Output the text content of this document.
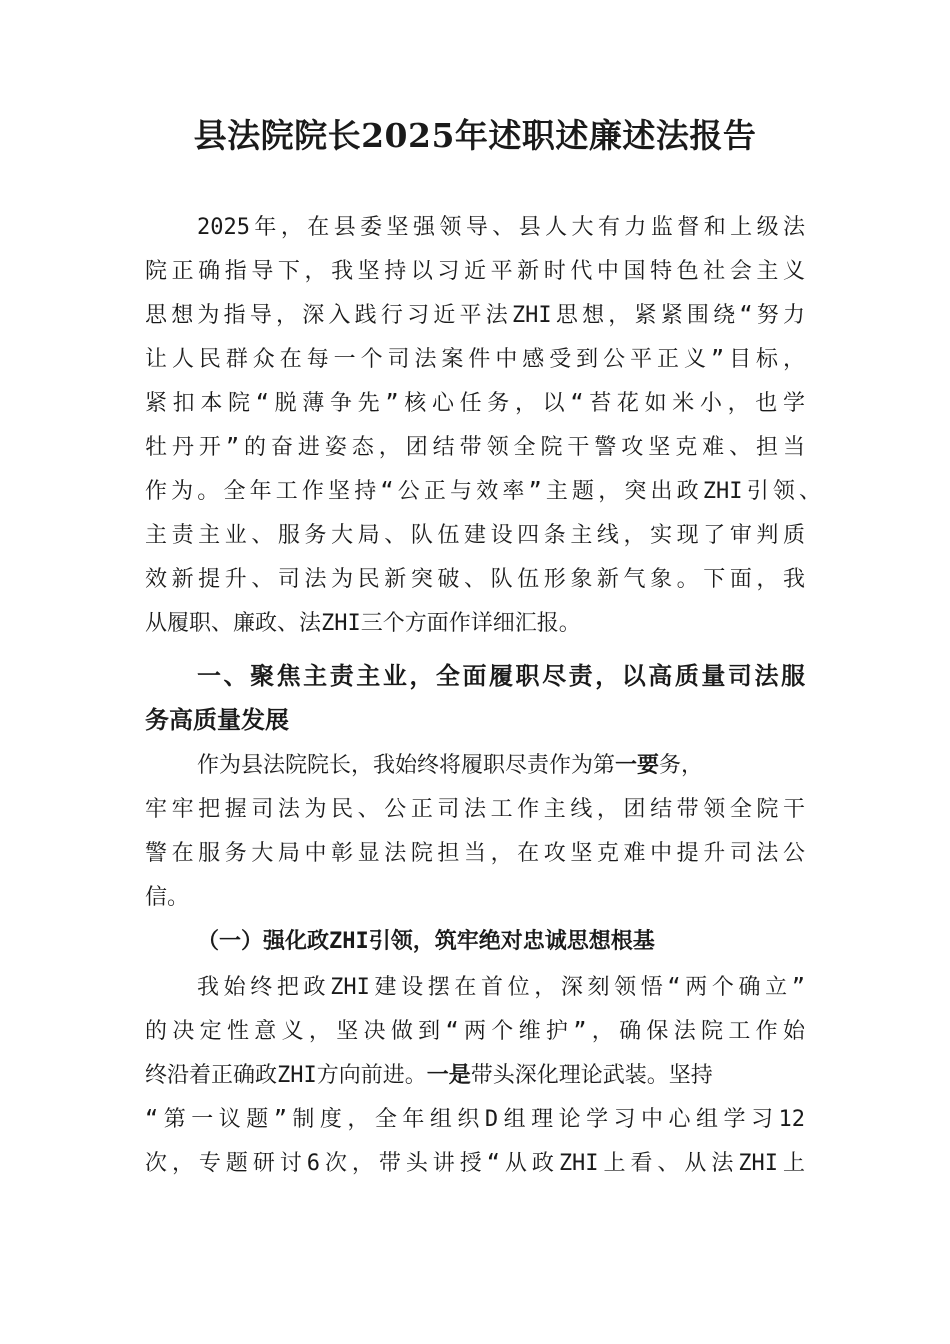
县法院院长2025年述职述廉述法报告

2025年，在县委坚强领导、县人大有力监督和上级法

院正确指导下，我坚持以习近平新时代中国特色社会主义

思想为指导，深入践行习近平法ZHI思想，紧紧围绕“努力

让人民群众在每一个司法案件中感受到公平正义”目标，

紧扣本院“脱薄争先”核心任务，以“苔花如米小，也学

牡丹开”的奋进姿态，团结带领全院干警攻坚克难、担当

作为。全年工作坚持“公正与效率”主题，突出政ZHI引领、

主责主业、服务大局、队伍建设四条主线，实现了审判质

效新提升、司法为民新突破、队伍形象新气象。下面，我

从履职、廉政、法ZHI三个方面作详细汇报。

一、聚焦主责主业，全面履职尽责，以高质量司法服

务高质量发展

作为县法院院长，我始终将履职尽责作为第一要务，

牢牢把握司法为民、公正司法工作主线，团结带领全院干

警在服务大局中彰显法院担当，在攻坚克难中提升司法公

信。

（一）强化政ZHI引领，筑牢绝对忠诚思想根基

我始终把政ZHI建设摆在首位，深刻领悟“两个确立”

的决定性意义，坚决做到“两个维护”，确保法院工作始

终沿着正确政ZHI方向前进。一是带头深化理论武装。坚持

“第一议题”制度，全年组织D组理论学习中心组学习12

次，专题研讨6次，带头讲授“从政ZHI上看、从法ZHI上
